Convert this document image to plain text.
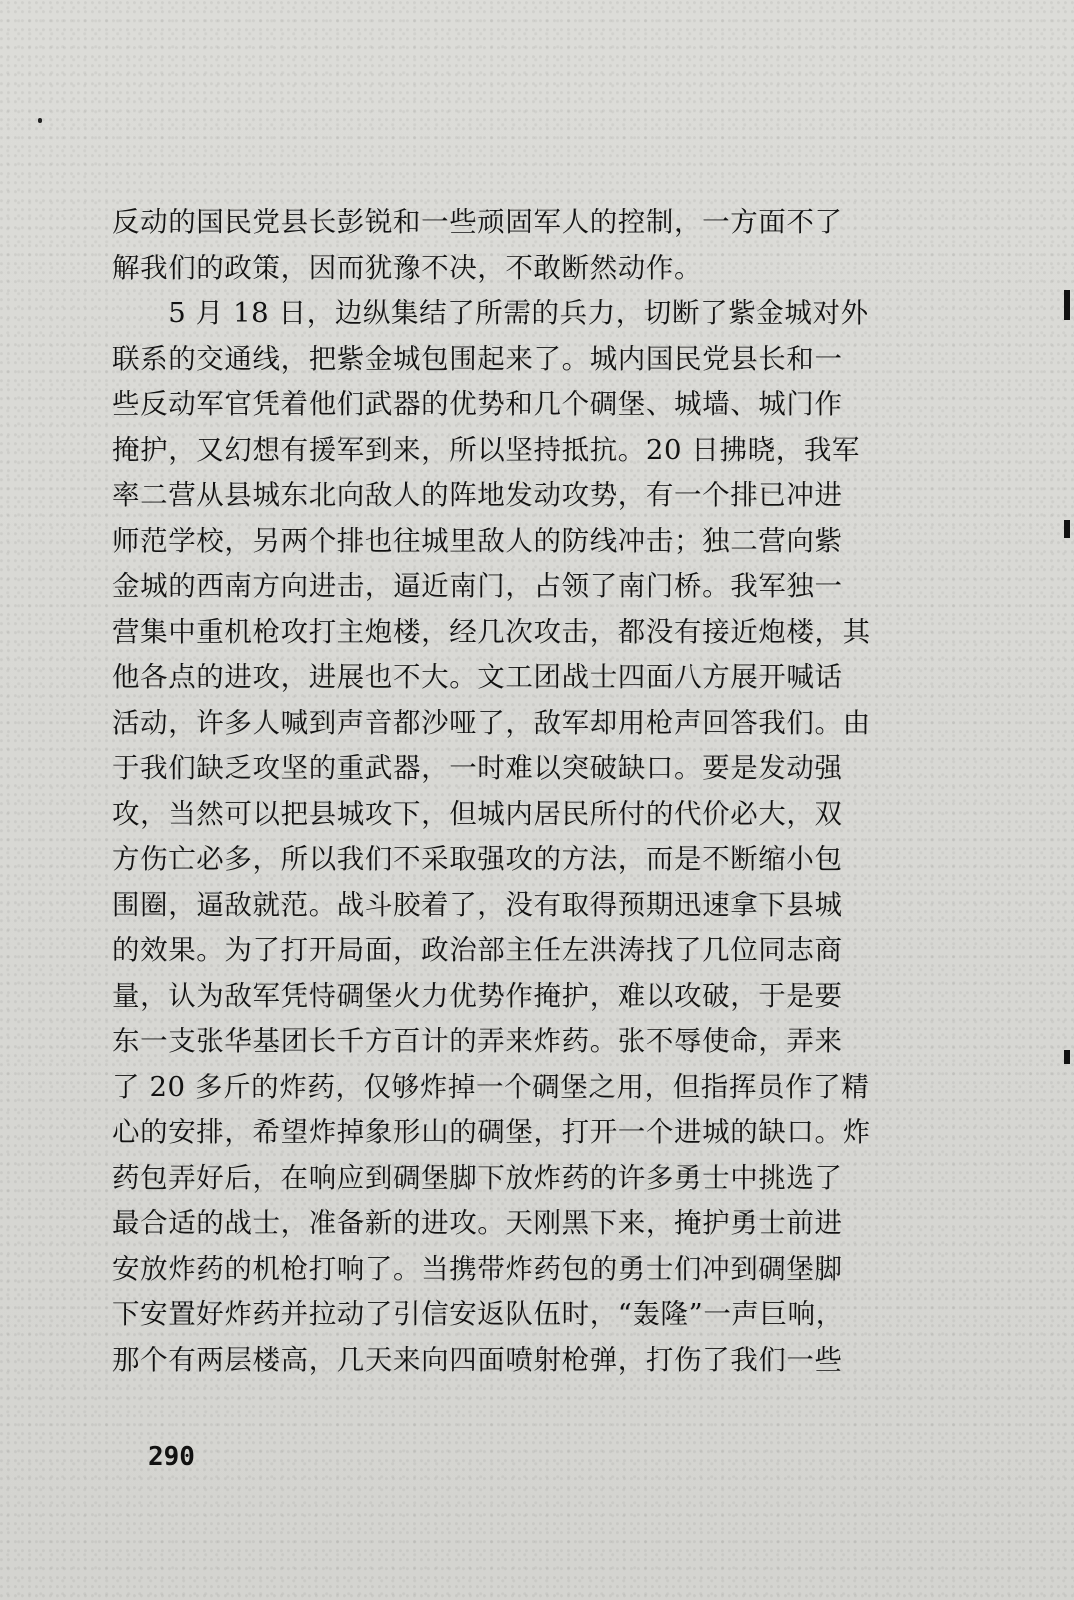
反动的国民党县长彭锐和一些顽固军人的控制，一方面不了
解我们的政策，因而犹豫不决，不敢断然动作。
　　5 月 18 日，边纵集结了所需的兵力，切断了紫金城对外
联系的交通线，把紫金城包围起来了。城内国民党县长和一
些反动军官凭着他们武器的优势和几个碉堡、城墙、城门作
掩护，又幻想有援军到来，所以坚持抵抗。20 日拂晓，我军
率二营从县城东北向敌人的阵地发动攻势，有一个排已冲进
师范学校，另两个排也往城里敌人的防线冲击；独二营向紫
金城的西南方向进击，逼近南门，占领了南门桥。我军独一
营集中重机枪攻打主炮楼，经几次攻击，都没有接近炮楼，其
他各点的进攻，进展也不大。文工团战士四面八方展开喊话
活动，许多人喊到声音都沙哑了，敌军却用枪声回答我们。由
于我们缺乏攻坚的重武器，一时难以突破缺口。要是发动强
攻，当然可以把县城攻下，但城内居民所付的代价必大，双
方伤亡必多，所以我们不采取强攻的方法，而是不断缩小包
围圈，逼敌就范。战斗胶着了，没有取得预期迅速拿下县城
的效果。为了打开局面，政治部主任左洪涛找了几位同志商
量，认为敌军凭恃碉堡火力优势作掩护，难以攻破，于是要
东一支张华基团长千方百计的弄来炸药。张不辱使命，弄来
了 20 多斤的炸药，仅够炸掉一个碉堡之用，但指挥员作了精
心的安排，希望炸掉象形山的碉堡，打开一个进城的缺口。炸
药包弄好后，在响应到碉堡脚下放炸药的许多勇士中挑选了
最合适的战士，准备新的进攻。天刚黑下来，掩护勇士前进
安放炸药的机枪打响了。当携带炸药包的勇士们冲到碉堡脚
下安置好炸药并拉动了引信安返队伍时，“轰隆”一声巨响，
那个有两层楼高，几天来向四面喷射枪弹，打伤了我们一些
290
